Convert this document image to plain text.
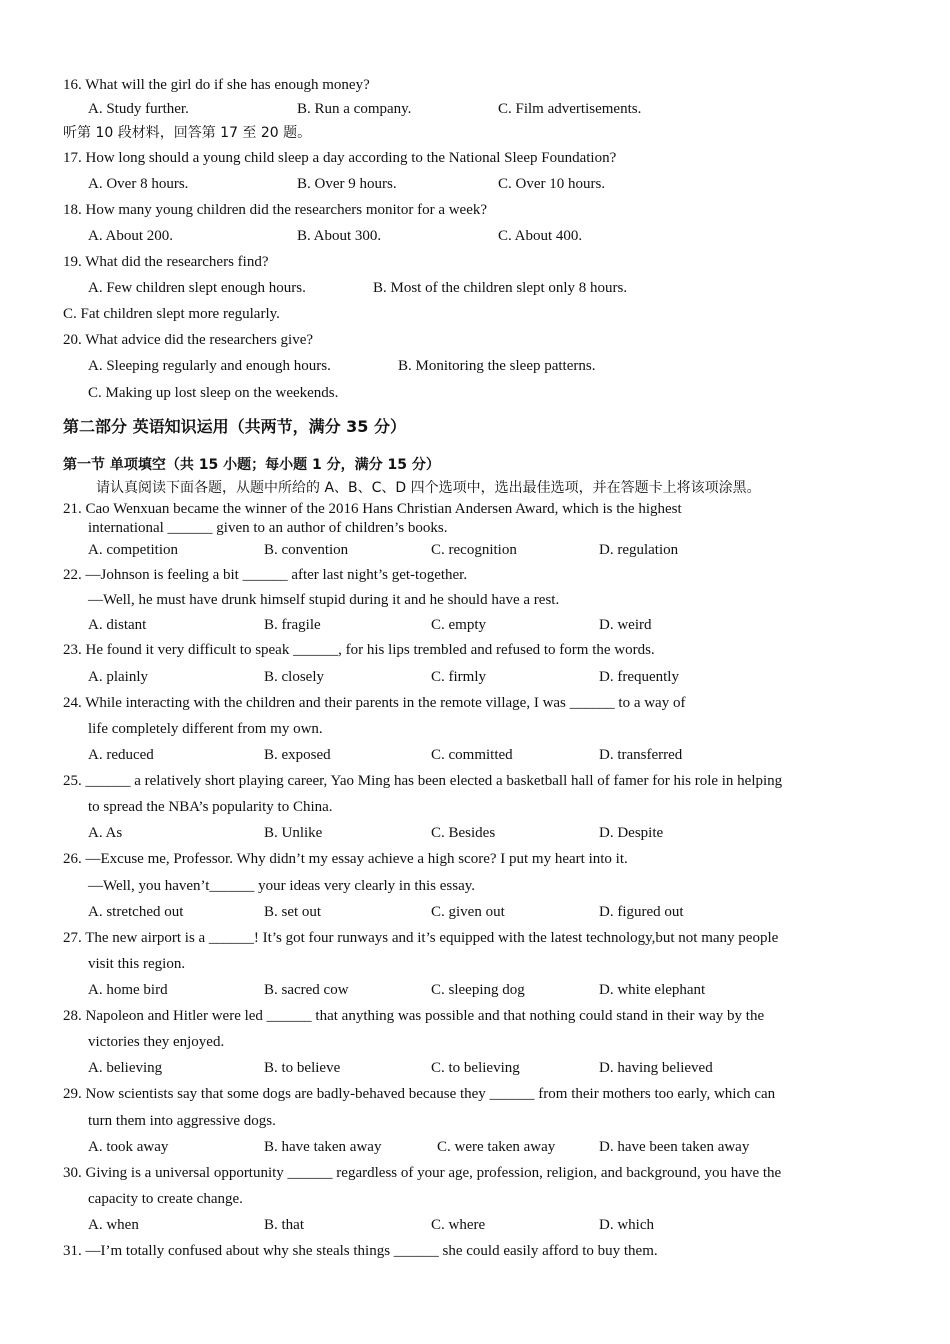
16. What will the girl do if she has enough money?
A. Study further.	B. Run a company.	C. Film advertisements.
听第 10 段材料，回答第 17 至 20 题。
17. How long should a young child sleep a day according to the National Sleep Foundation?
A. Over 8 hours.	B. Over 9 hours.	C. Over 10 hours.
18. How many young children did the researchers monitor for a week?
A. About 200.	B. About 300.	C. About 400.
19. What did the researchers find?
A. Few children slept enough hours.	B. Most of the children slept only 8 hours.
C. Fat children slept more regularly.
20. What advice did the researchers give?
A. Sleeping regularly and enough hours.	B. Monitoring the sleep patterns.
C. Making up lost sleep on the weekends.
第二部分 英语知识运用（共两节，满分 35 分）
第一节 单项填空（共 15 小题；每小题 1 分，满分 15 分）
请认真阅读下面各题，从题中所给的 A、B、C、D 四个选项中，选出最佳选项，并在答题卡上将该项涂黑。
21. Cao Wenxuan became the winner of the 2016 Hans Christian Andersen Award, which is the highest
international ______ given to an author of children’s books.
A. competition	B. convention	C. recognition	D. regulation
22. —Johnson is feeling a bit ______ after last night’s get-together.
—Well, he must have drunk himself stupid during it and he should have a rest.
A. distant	B. fragile	C. empty	D. weird
23. He found it very difficult to speak ______, for his lips trembled and refused to form the words.
A. plainly	B. closely	C. firmly	D. frequently
24. While interacting with the children and their parents in the remote village, I was ______ to a way of
life completely different from my own.
A. reduced	B. exposed	C. committed	D. transferred
25. ______ a relatively short playing career, Yao Ming has been elected a basketball hall of famer for his role in helping
to spread the NBA’s popularity to China.
A. As	B. Unlike	C. Besides	D. Despite
26. —Excuse me, Professor. Why didn’t my essay achieve a high score? I put my heart into it.
—Well, you haven’t______ your ideas very clearly in this essay.
A. stretched out	B. set out	C. given out	D. figured out
27. The new airport is a ______! It’s got four runways and it’s equipped with the latest technology,but not many people
visit this region.
A. home bird	B. sacred cow	C. sleeping dog	D. white elephant
28. Napoleon and Hitler were led ______ that anything was possible and that nothing could stand in their way by the
victories they enjoyed.
A. believing	B. to believe	C. to believing	D. having believed
29. Now scientists say that some dogs are badly-behaved because they ______ from their mothers too early, which can
turn them into aggressive dogs.
A. took away	B. have taken away	C. were taken away	D. have been taken away
30. Giving is a universal opportunity ______ regardless of your age, profession, religion, and background, you have the
capacity to create change.
A. when	B. that	C. where	D. which
31. —I’m totally confused about why she steals things ______ she could easily afford to buy them.
